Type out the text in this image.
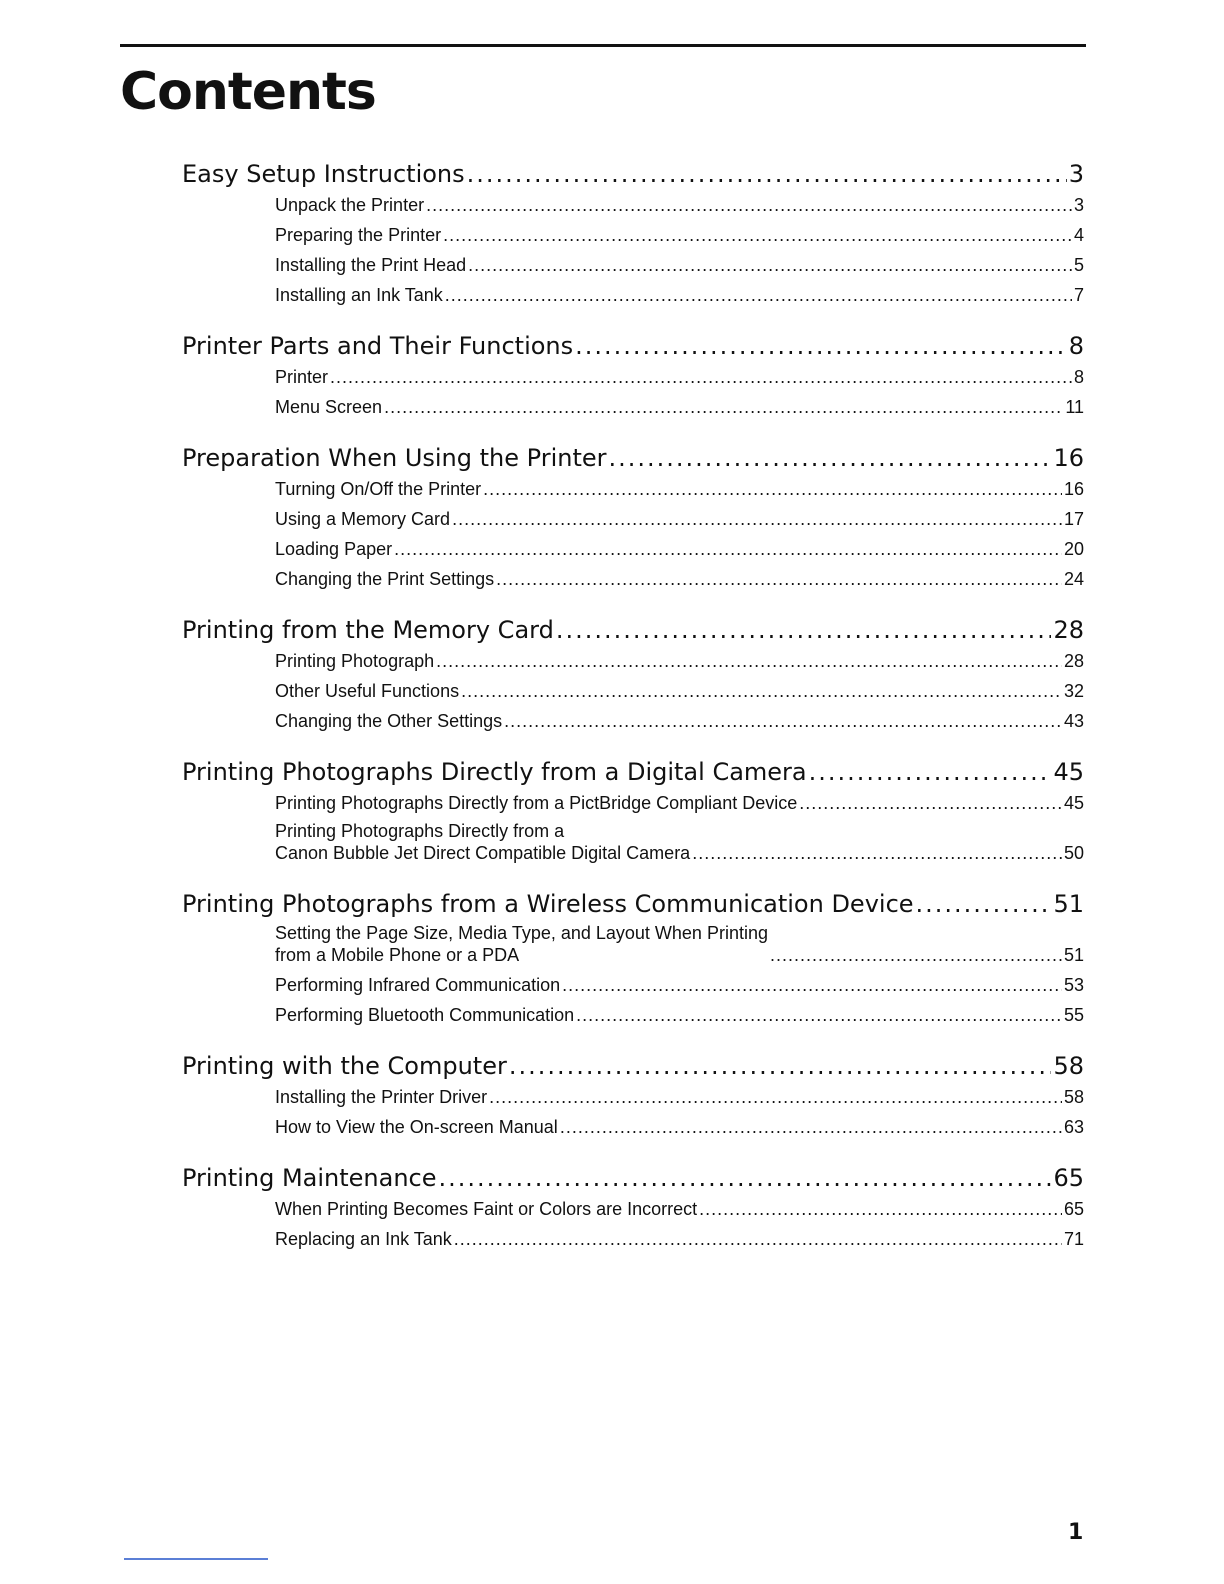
Contents
Easy Setup Instructions .....	3
Unpack the Printer .....	3
Preparing the Printer .....	4
Installing the Print Head .....	5
Installing an Ink Tank .....	7
Printer Parts and Their Functions .....	8
Printer .....	8
Menu Screen .....	11
Preparation When Using the Printer .....	16
Turning On/Off the Printer .....	16
Using a Memory Card .....	17
Loading Paper .....	20
Changing the Print Settings .....	24
Printing from the Memory Card .....	28
Printing Photograph .....	28
Other Useful Functions .....	32
Changing the Other Settings .....	43
Printing Photographs Directly from a Digital Camera .....	45
Printing Photographs Directly from a PictBridge Compliant Device .....	45
Printing Photographs Directly from a
Canon Bubble Jet Direct Compatible Digital Camera .....	50
Printing Photographs from a Wireless Communication Device .....	51
Setting the Page Size, Media Type, and Layout When Printing
from a Mobile Phone or a PDA .....	51
Performing Infrared Communication .....	53
Performing Bluetooth Communication .....	55
Printing with the Computer .....	58
Installing the Printer Driver .....	58
How to View the On-screen Manual .....	63
Printing Maintenance .....	65
When Printing Becomes Faint or Colors are Incorrect .....	65
Replacing an Ink Tank .....	71
1
